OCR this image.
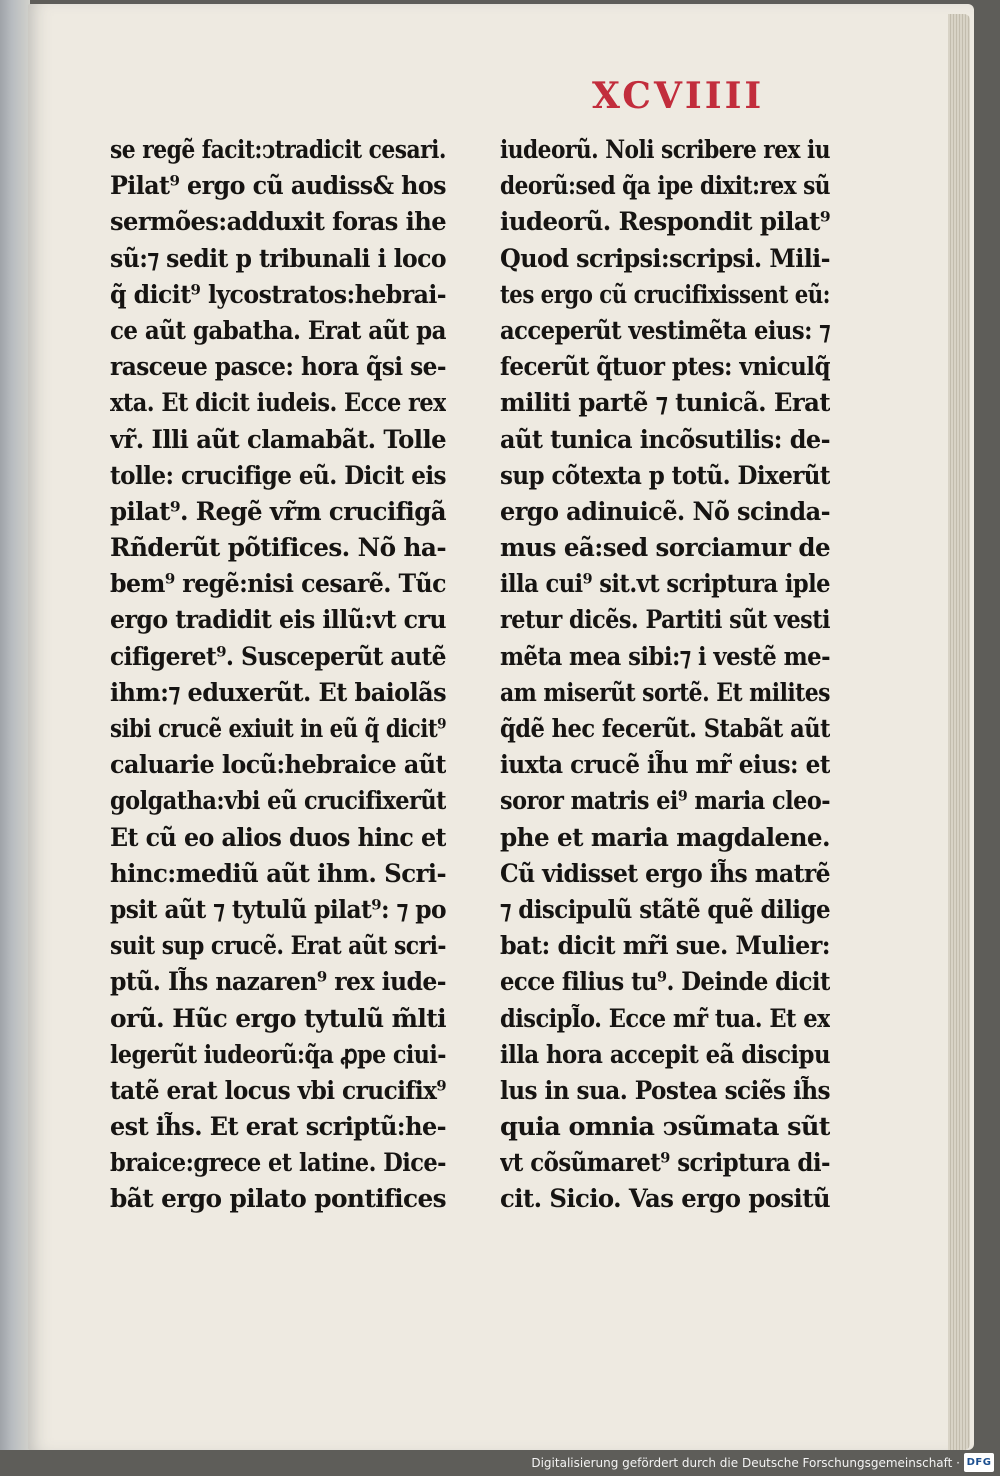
XCVIIII
se regẽ facit:ↄtradicit cesari.
Pilat⁹ ergo cũ audiss& hos
sermões:adduxit foras ihe
sũ:⁊ sedit p tribunali i loco
q̃ dicit⁹ lycostratos:hebrai-
ce aũt gabatha. Erat aũt pa
rasceue pasce: hora q̃si se-
xta. Et dicit iudeis. Ecce rex
vr̃. Illi aũt clamabãt. Tolle
tolle: crucifige eũ. Dicit eis
pilat⁹. Regẽ vr̃m crucifigã
Rñderũt põtifices. Nõ ha-
bem⁹ regẽ:nisi cesarẽ. Tũc
ergo tradidit eis illũ:vt cru
cifigeret⁹. Susceperũt autẽ
ihm:⁊ eduxerũt. Et baiolãs
sibi crucẽ exiuit in eũ q̃ dicit⁹
caluarie locũ:hebraice aũt
golgatha:vbi eũ crucifixerũt
Et cũ eo alios duos hinc et
hinc:mediũ aũt ihm. Scri-
psit aũt ⁊ tytulũ pilat⁹: ⁊ po
suit sup crucẽ. Erat aũt scri-
ptũ. Ih̃s nazaren⁹ rex iude-
orũ. Hũc ergo tytulũ m̃lti
legerũt iudeorũ:q̃a ꝓpe ciui-
tatẽ erat locus vbi crucifix⁹
est ih̃s. Et erat scriptũ:he-
braice:grece et latine. Dice-
bãt ergo pilato pontifices
iudeorũ. Noli scribere rex iu
deorũ:sed q̃a ipe dixit:rex sũ
iudeorũ. Respondit pilat⁹
Quod scripsi:scripsi. Mili-
tes ergo cũ crucifixissent eũ:
acceperũt vestimẽta eius: ⁊
fecerũt q̃tuor ptes: vniculq̃
militi partẽ ⁊ tunicã. Erat
aũt tunica incõsutilis: de-
sup cõtexta p totũ. Dixerũt
ergo adinuicẽ. Nõ scinda-
mus eã:sed sorciamur de
illa cui⁹ sit.vt scriptura iple
retur dicẽs. Partiti sũt vesti
mẽta mea sibi:⁊ i vestẽ me-
am miserũt sortẽ. Et milites
q̃dẽ hec fecerũt. Stabãt aũt
iuxta crucẽ ih̃u mr̃ eius: et
soror matris ei⁹ maria cleo-
phe et maria magdalene.
Cũ vidisset ergo ih̃s matrẽ
⁊ discipulũ stãtẽ quẽ dilige
bat: dicit mr̃i sue. Mulier:
ecce filius tu⁹. Deinde dicit
discipl̃o. Ecce mr̃ tua. Et ex
illa hora accepit eã discipu
lus in sua. Postea sciẽs ih̃s
quia omnia ↄsũmata sũt
vt cõsũmaret⁹ scriptura di-
cit. Sicio. Vas ergo positũ
Digitalisierung gefördert durch die Deutsche Forschungsgemeinschaft · DFG
